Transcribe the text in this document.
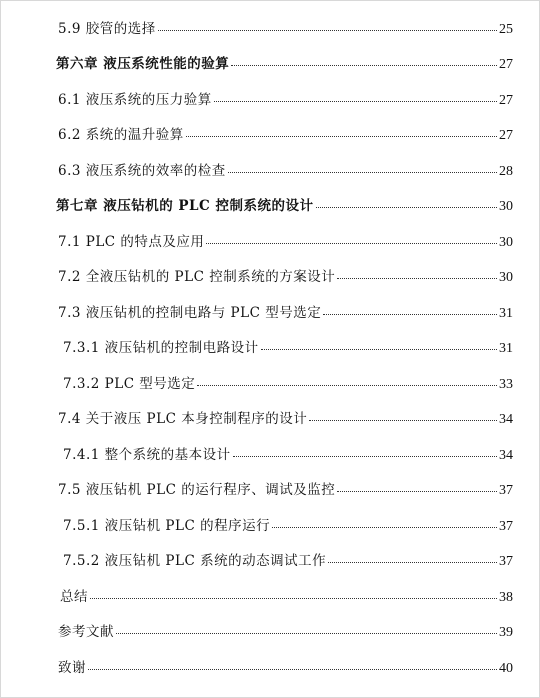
5.9 胶管的选择	25
第六章 液压系统性能的验算	27
6.1 液压系统的压力验算	27
6.2 系统的温升验算	27
6.3 液压系统的效率的检查	28
第七章 液压钻机的 PLC 控制系统的设计	30
7.1 PLC 的特点及应用	30
7.2 全液压钻机的 PLC 控制系统的方案设计	30
7.3 液压钻机的控制电路与 PLC 型号选定	31
7.3.1 液压钻机的控制电路设计	31
7.3.2 PLC 型号选定	33
7.4 关于液压 PLC 本身控制程序的设计	34
7.4.1 整个系统的基本设计	34
7.5 液压钻机 PLC 的运行程序、调试及监控	37
7.5.1 液压钻机 PLC 的程序运行	37
7.5.2 液压钻机 PLC 系统的动态调试工作	37
总结	38
参考文献	39
致谢	40
